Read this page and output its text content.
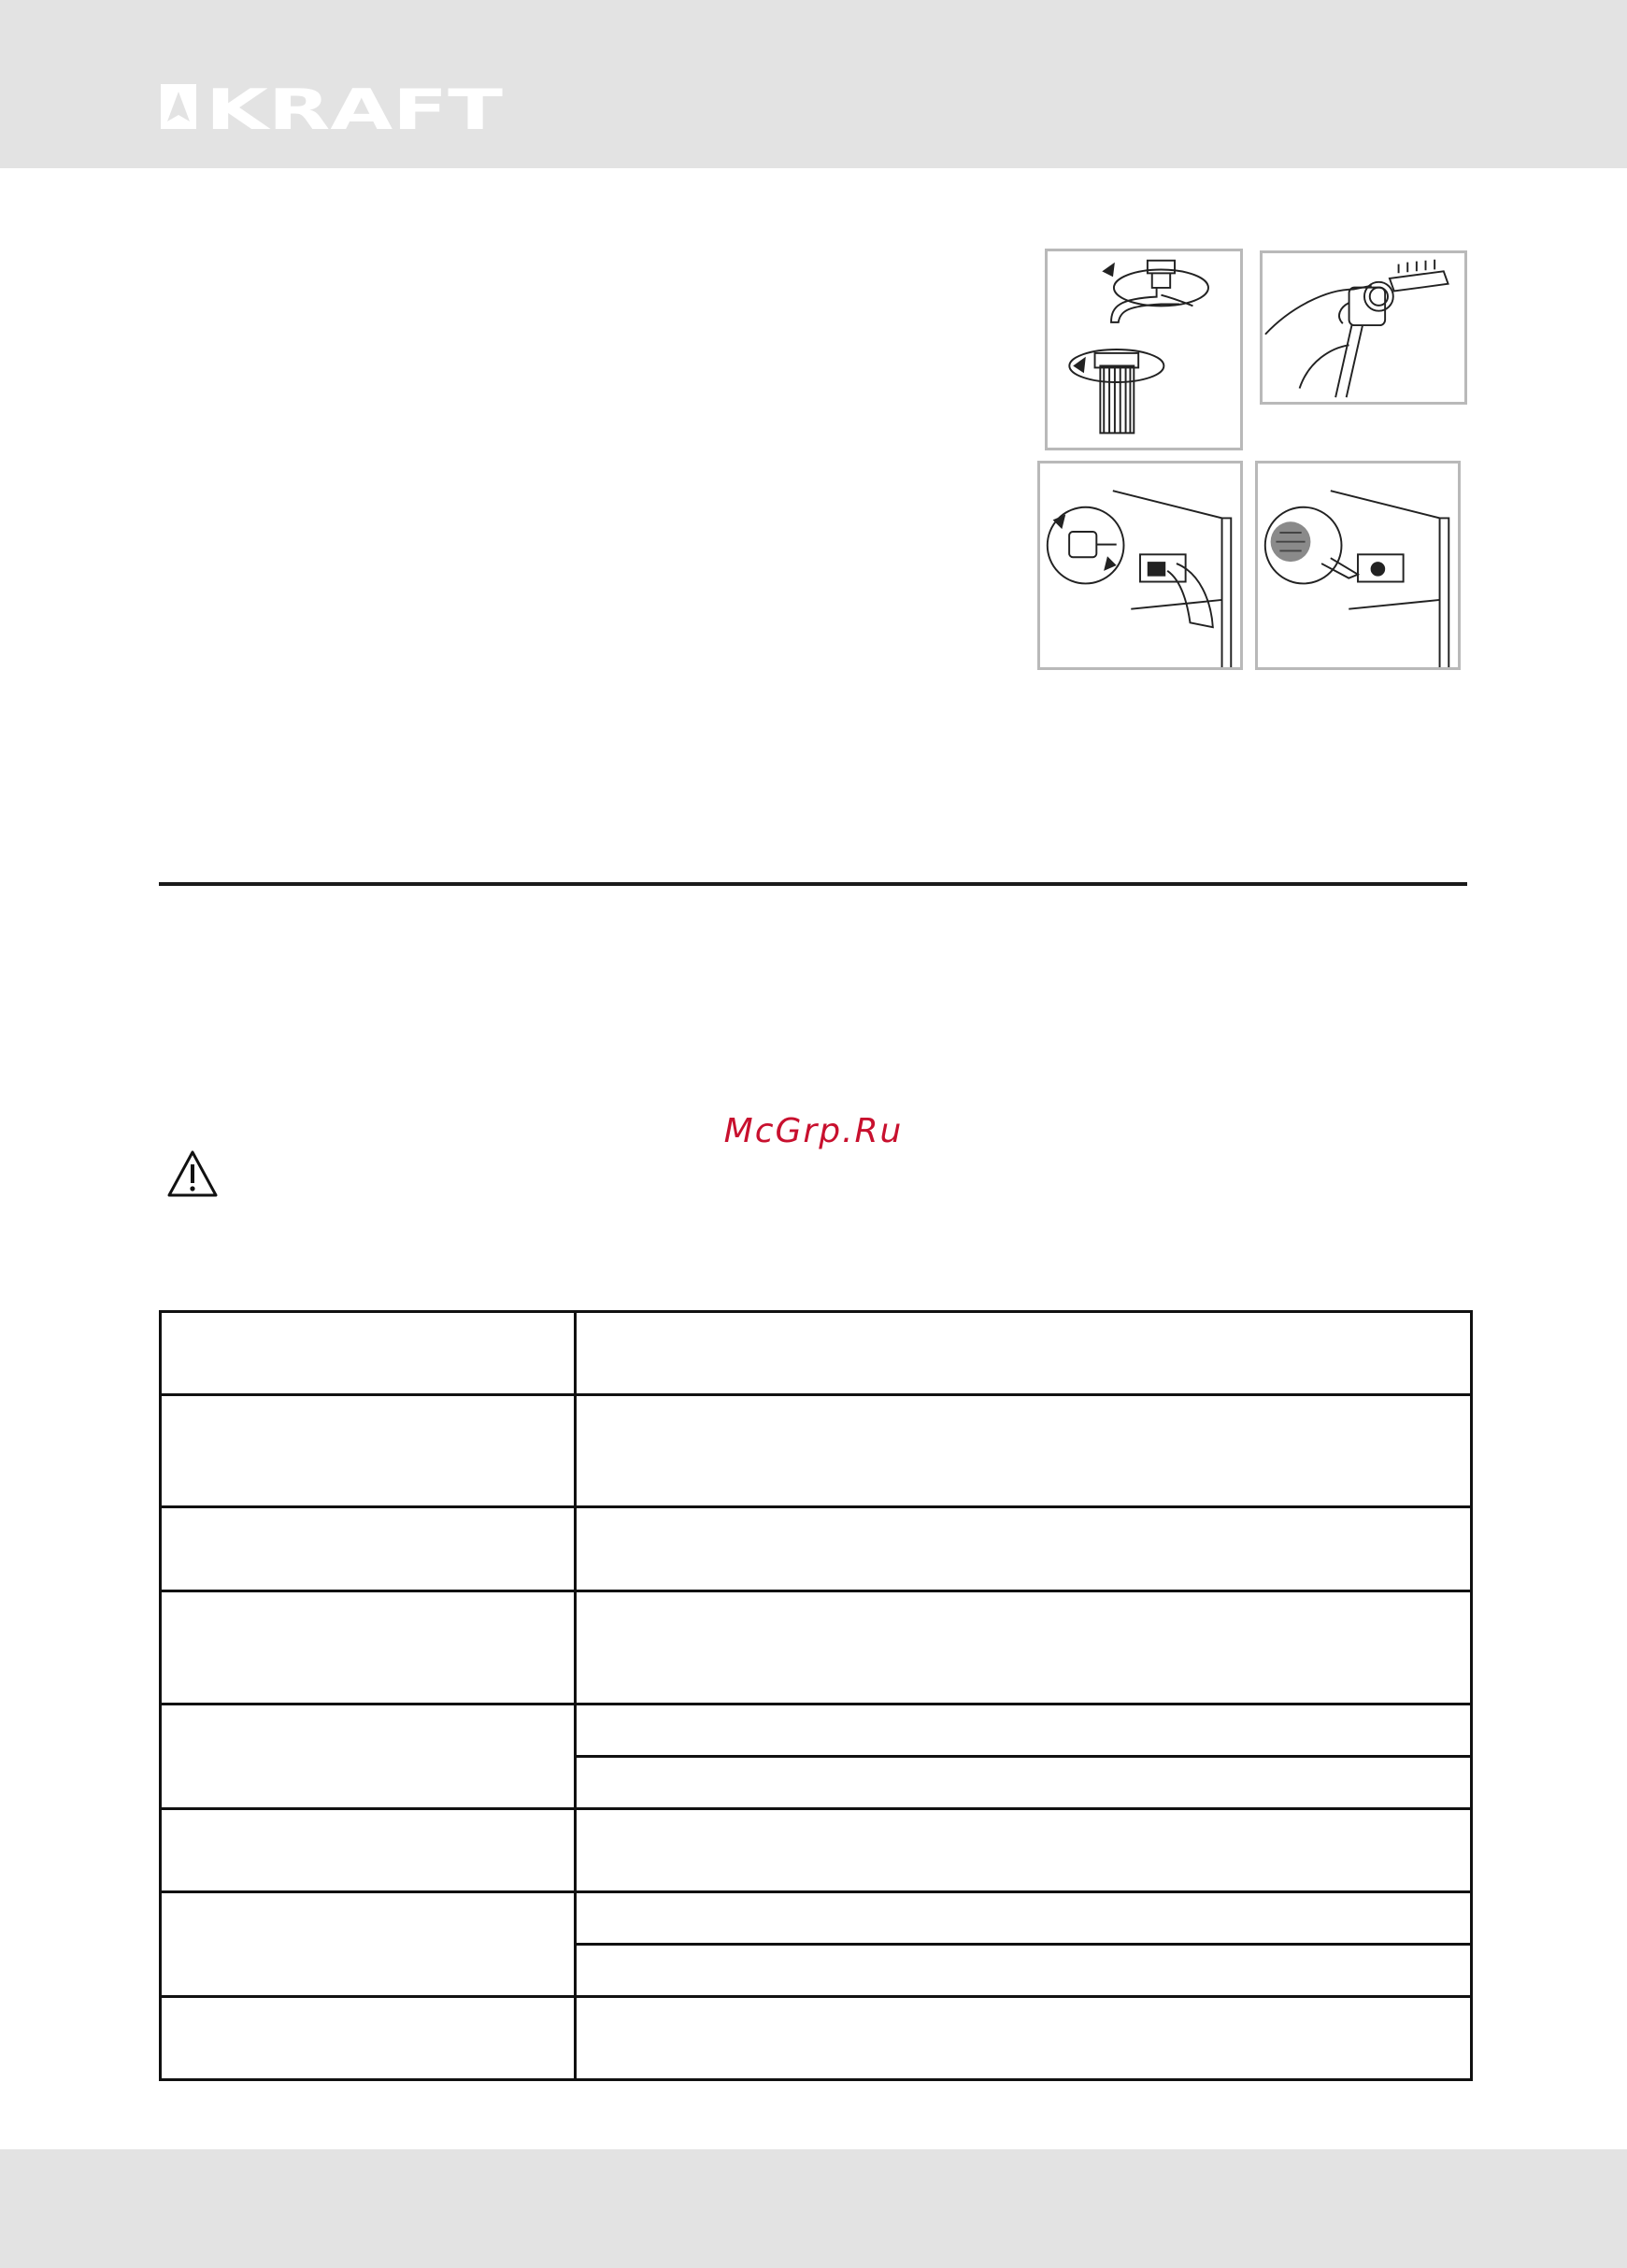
KRAFT
McGrp.Ru
